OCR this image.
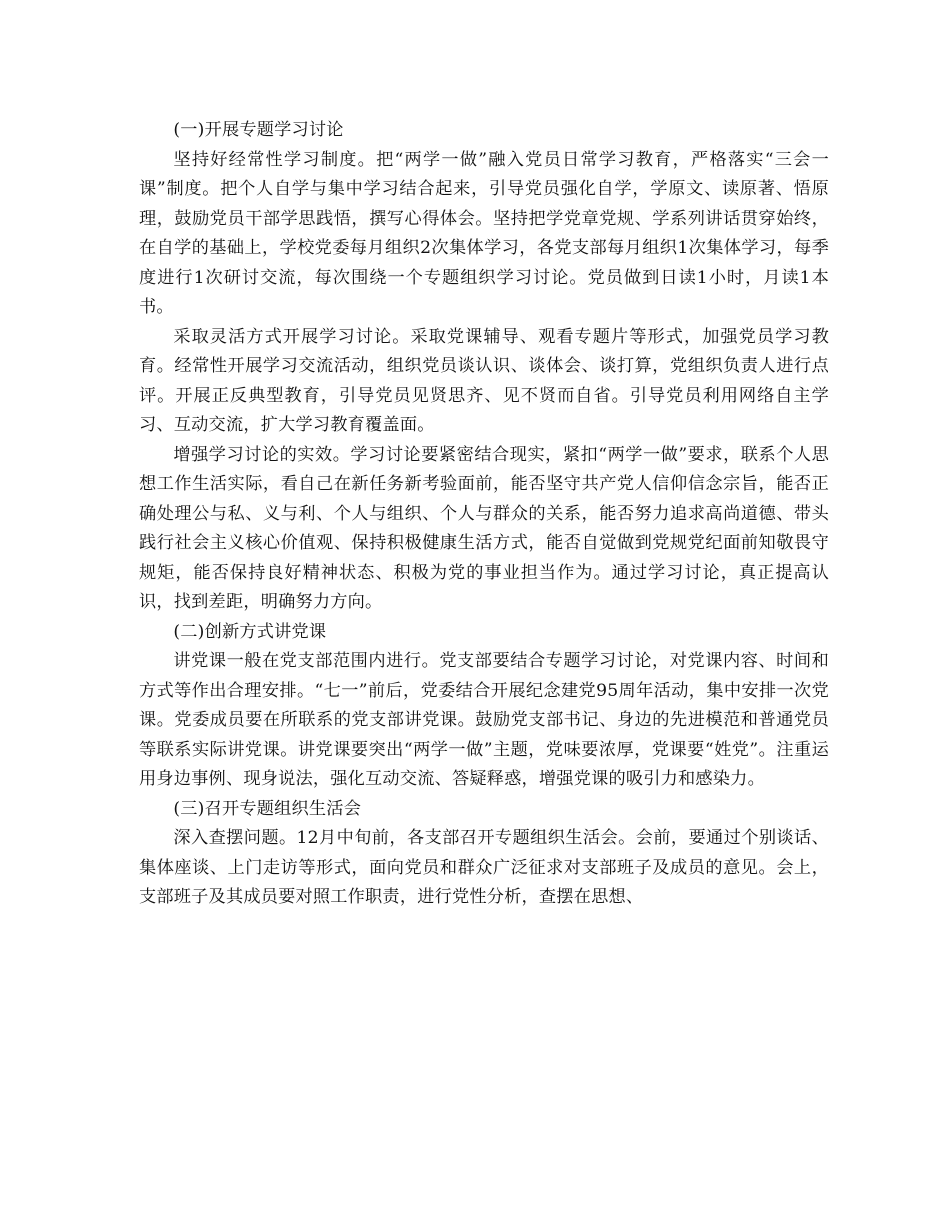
(一)开展专题学习讨论

坚持好经常性学习制度。把“两学一做”融入党员日常学习教育，严格落实“三会一课”制度。把个人自学与集中学习结合起来，引导党员强化自学，学原文、读原著、悟原理，鼓励党员干部学思践悟，撰写心得体会。坚持把学党章党规、学系列讲话贯穿始终，在自学的基础上，学校党委每月组织2次集体学习，各党支部每月组织1次集体学习，每季度进行1次研讨交流，每次围绕一个专题组织学习讨论。党员做到日读1小时，月读1本书。

采取灵活方式开展学习讨论。采取党课辅导、观看专题片等形式，加强党员学习教育。经常性开展学习交流活动，组织党员谈认识、谈体会、谈打算，党组织负责人进行点评。开展正反典型教育，引导党员见贤思齐、见不贤而自省。引导党员利用网络自主学习、互动交流，扩大学习教育覆盖面。

增强学习讨论的实效。学习讨论要紧密结合现实，紧扣“两学一做”要求，联系个人思想工作生活实际，看自己在新任务新考验面前，能否坚守共产党人信仰信念宗旨，能否正确处理公与私、义与利、个人与组织、个人与群众的关系，能否努力追求高尚道德、带头践行社会主义核心价值观、保持积极健康生活方式，能否自觉做到党规党纪面前知敬畏守规矩，能否保持良好精神状态、积极为党的事业担当作为。通过学习讨论，真正提高认识，找到差距，明确努力方向。

(二)创新方式讲党课

讲党课一般在党支部范围内进行。党支部要结合专题学习讨论，对党课内容、时间和方式等作出合理安排。“七一”前后，党委结合开展纪念建党95周年活动，集中安排一次党课。党委成员要在所联系的党支部讲党课。鼓励党支部书记、身边的先进模范和普通党员等联系实际讲党课。讲党课要突出“两学一做”主题，党味要浓厚，党课要“姓党”。注重运用身边事例、现身说法，强化互动交流、答疑释惑，增强党课的吸引力和感染力。

(三)召开专题组织生活会

深入查摆问题。12月中旬前，各支部召开专题组织生活会。会前，要通过个别谈话、集体座谈、上门走访等形式，面向党员和群众广泛征求对支部班子及成员的意见。会上，支部班子及其成员要对照工作职责，进行党性分析，查摆在思想、
